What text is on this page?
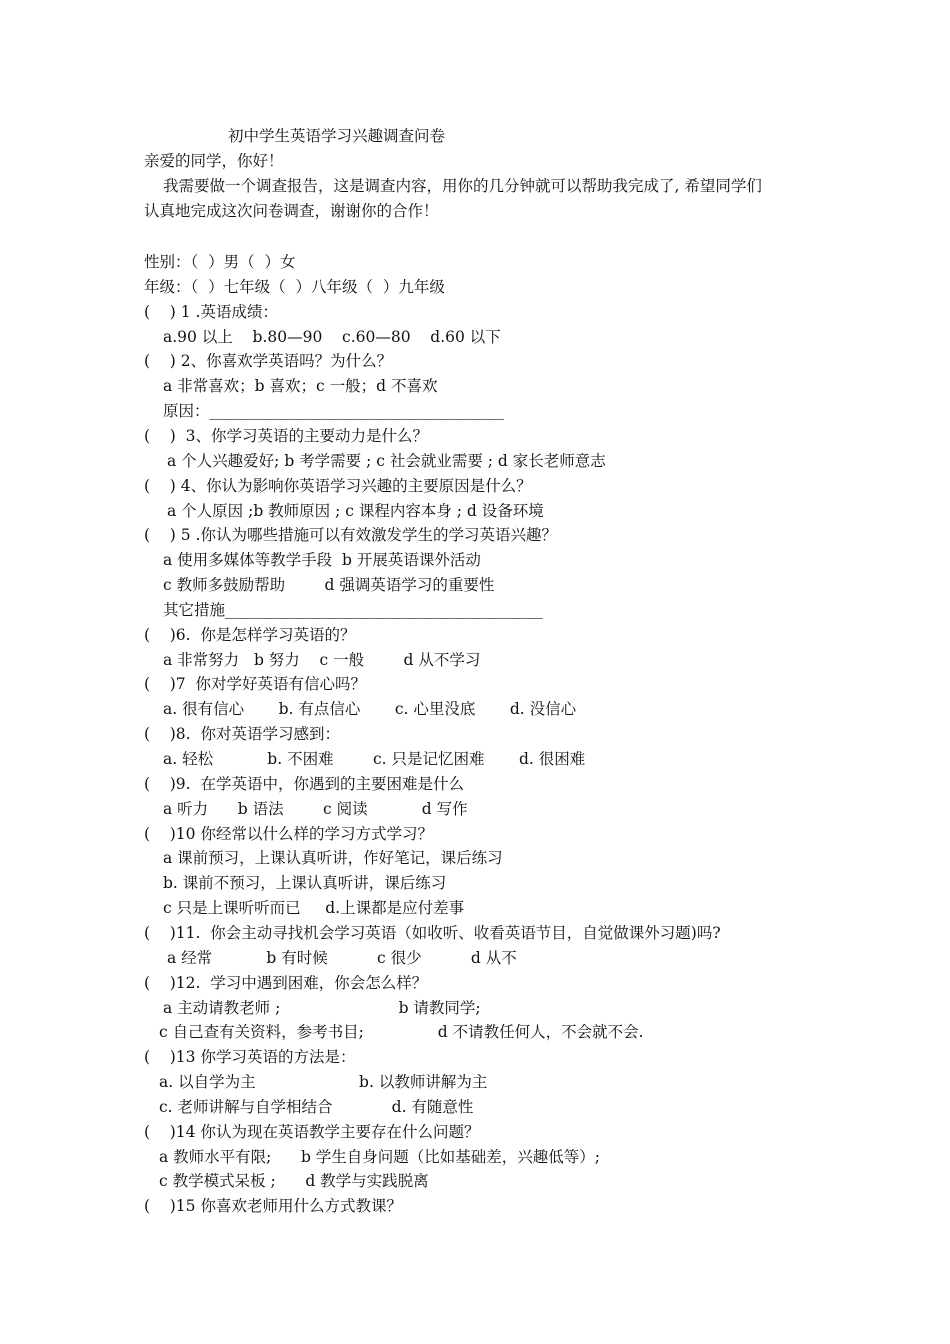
初中学生英语学习兴趣调查问卷
亲爱的同学，你好！
我需要做一个调查报告，这是调查内容，用你的几分钟就可以帮助我完成了, 希望同学们
认真地完成这次问卷调查，谢谢你的合作！
性别：（  ）男（  ）女
年级：（  ）七年级（  ）八年级（  ）九年级
(    ) 1 .英语成绩：
a.90 以上    b.80—90    c.60—80    d.60 以下
(    ) 2、你喜欢学英语吗？为什么？
a 非常喜欢；b 喜欢；c 一般；d 不喜欢
原因：______________________________________
(    )  3、你学习英语的主要动力是什么？
a 个人兴趣爱好; b 考学需要 ; c 社会就业需要 ; d 家长老师意志
(    ) 4、你认为影响你英语学习兴趣的主要原因是什么？
a 个人原因 ;b 教师原因 ; c 课程内容本身 ; d 设备环境
(    ) 5 .你认为哪些措施可以有效激发学生的学习英语兴趣？
a 使用多媒体等教学手段  b 开展英语课外活动
c 教师多鼓励帮助        d 强调英语学习的重要性
其它措施_________________________________________
(    )6.  你是怎样学习英语的？
a 非常努力   b 努力    c 一般        d 从不学习
(    )7  你对学好英语有信心吗？
a. 很有信心       b. 有点信心       c. 心里没底       d. 没信心
(    )8.  你对英语学习感到：
a. 轻松           b. 不困难        c. 只是记忆困难       d. 很困难
(    )9.  在学英语中，你遇到的主要困难是什么
a 听力      b 语法        c 阅读           d 写作
(    )10 你经常以什么样的学习方式学习？
a 课前预习，上课认真听讲，作好笔记，课后练习
b. 课前不预习，上课认真听讲，课后练习
c 只是上课听听而已     d.上课都是应付差事
(    )11.  你会主动寻找机会学习英语（如收听、收看英语节目，自觉做课外习题)吗?
a 经常           b 有时候          c 很少          d 从不
(    )12.  学习中遇到困难，你会怎么样？
a 主动请教老师 ;                        b 请教同学;
c 自己查有关资料，参考书目;               d 不请教任何人，不会就不会.
(    )13 你学习英语的方法是：
a. 以自学为主                     b. 以教师讲解为主
c. 老师讲解与自学相结合            d. 有随意性
(    )14 你认为现在英语教学主要存在什么问题？
a 教师水平有限;      b 学生自身问题（比如基础差，兴趣低等）;
c 教学模式呆板 ;      d 教学与实践脱离
(    )15 你喜欢老师用什么方式教课？
